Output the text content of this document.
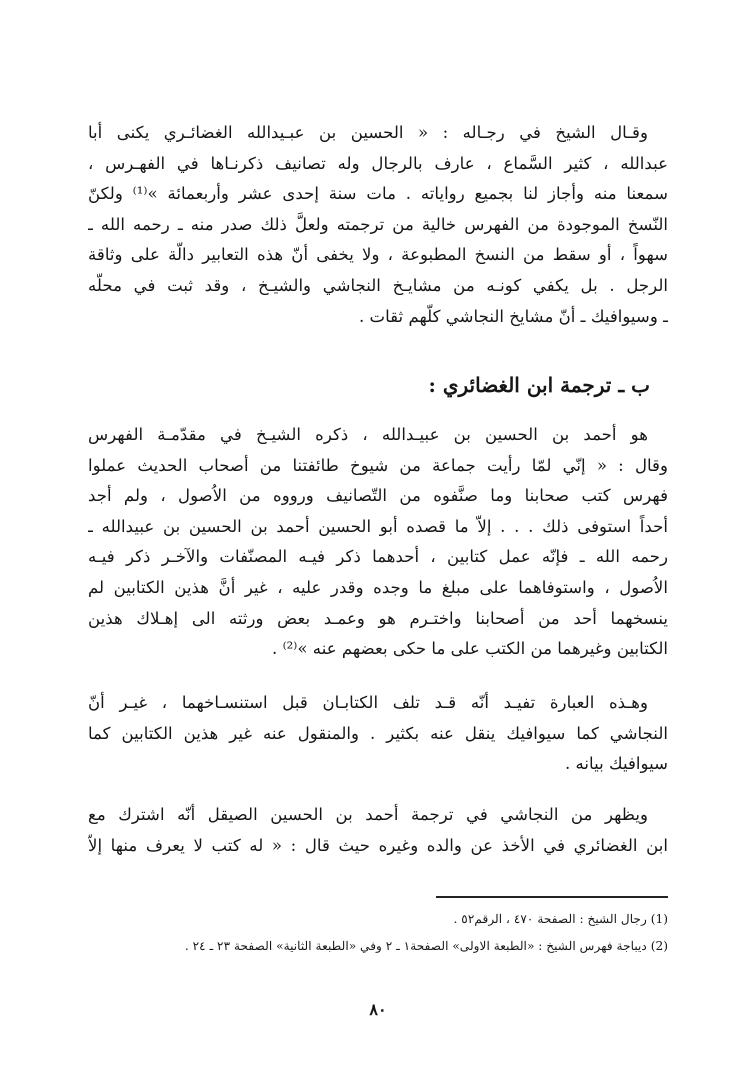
وقـال الشيخ في رجـاله : « الحسين بن عبـيدالله الغضائـري يكنى أبا
عبدالله ، كثير السَّماع ، عارف بالرجال وله تصانيف ذكرنـاها في الفهـرس ،
سمعنا منه وأجاز لنا بجميع رواياته . مات سنة إحدى عشر وأربعمائة »⁽¹⁾ ولكنّ
النّسخ الموجودة من الفهرس خالية من ترجمته ولعلَّ ذلك صدر منه ـ رحمه الله ـ
سهواً ، أو سقط من النسخ المطبوعة ، ولا يخفى أنّ هذه التعابير دالّة على وثاقة
الرجل . بل يكفي كونـه من مشايـخ النجاشي والشيـخ ، وقد ثبت في محلّه
ـ وسيوافيك ـ أنّ مشايخ النجاشي كلّهم ثقات .
ب ـ ترجمة ابن الغضائري :
هو أحمد بن الحسين بن عبيـدالله ، ذكره الشيـخ في مقدّمـة الفهرس
وقال : « إنّي لمّا رأيت جماعة من شيوخ طائفتنا من أصحاب الحديث عملوا
فهرس كتب صحابنا وما صنَّفوه من التّصانيف ورووه من الاُصول ، ولم أجد
أحداً استوفى ذلك . . . إلاّ ما قصده أبو الحسين أحمد بن الحسين بن عبيدالله ـ
رحمه الله ـ فإنّه عمل كتابين ، أحدهما ذكر فيـه المصنّفات والآخـر ذكر فيـه
الاُصول ، واستوفاهما على مبلغ ما وجده وقدر عليه ، غير أنَّ هذين الكتابين لم
ينسخهما أحد من أصحابنا واختـرم هو وعمـد بعض ورثته الى إهـلاك هذين
الكتابين وغيرهما من الكتب على ما حكى بعضهم عنه »⁽²⁾ .
وهـذه العبارة تفيـد أنّه قـد تلف الكتابـان قبل استنسـاخهما ، غيـر أنّ
النجاشي كما سيوافيك ينقل عنه بكثير . والمنقول عنه غير هذين الكتابين كما
سيوافيك بيانه .
ويظهر من النجاشي في ترجمة أحمد بن الحسين الصيقل أنّه اشترك مع
ابن الغضائري في الأخذ عن والده وغيره حيث قال : « له كتب لا يعرف منها إلاّ
(1) رجال الشيخ : الصفحة ٤٧٠ ، الرقم٥٢ .
(2) ديباجة فهرس الشيخ : «الطبعة الاولى» الصفحة١ ـ ٢ وفي «الطبعة الثانية» الصفحة ٢٣ ـ ٢٤ .
٨٠
